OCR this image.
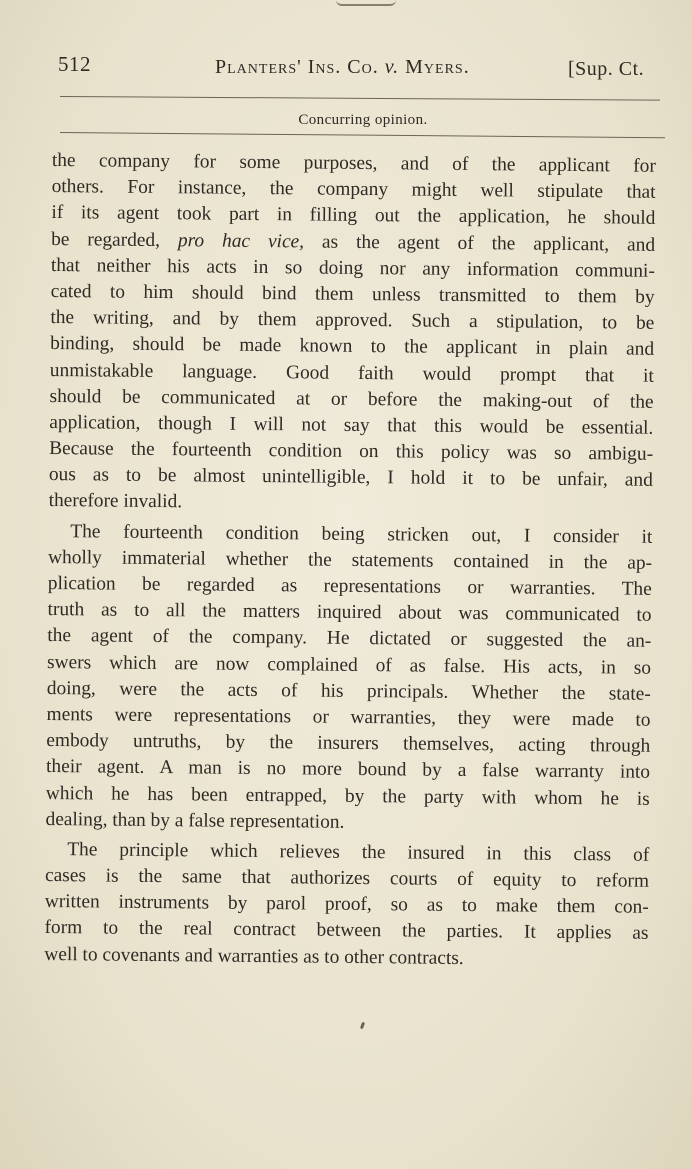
512	Planters' Ins. Co. v. Myers.	[Sup. Ct.
Concurring opinion.
the company for some purposes, and of the applicant for
others. For instance, the company might well stipulate that
if its agent took part in filling out the application, he should
be regarded, pro hac vice, as the agent of the applicant, and
that neither his acts in so doing nor any information communi-
cated to him should bind them unless transmitted to them by
the writing, and by them approved. Such a stipulation, to be
binding, should be made known to the applicant in plain and
unmistakable language. Good faith would prompt that it
should be communicated at or before the making-out of the
application, though I will not say that this would be essential.
Because the fourteenth condition on this policy was so ambigu-
ous as to be almost unintelligible, I hold it to be unfair, and
therefore invalid.
The fourteenth condition being stricken out, I consider it
wholly immaterial whether the statements contained in the ap-
plication be regarded as representations or warranties. The
truth as to all the matters inquired about was communicated to
the agent of the company. He dictated or suggested the an-
swers which are now complained of as false. His acts, in so
doing, were the acts of his principals. Whether the state-
ments were representations or warranties, they were made to
embody untruths, by the insurers themselves, acting through
their agent. A man is no more bound by a false warranty into
which he has been entrapped, by the party with whom he is
dealing, than by a false representation.
The principle which relieves the insured in this class of
cases is the same that authorizes courts of equity to reform
written instruments by parol proof, so as to make them con-
form to the real contract between the parties. It applies as
well to covenants and warranties as to other contracts.
